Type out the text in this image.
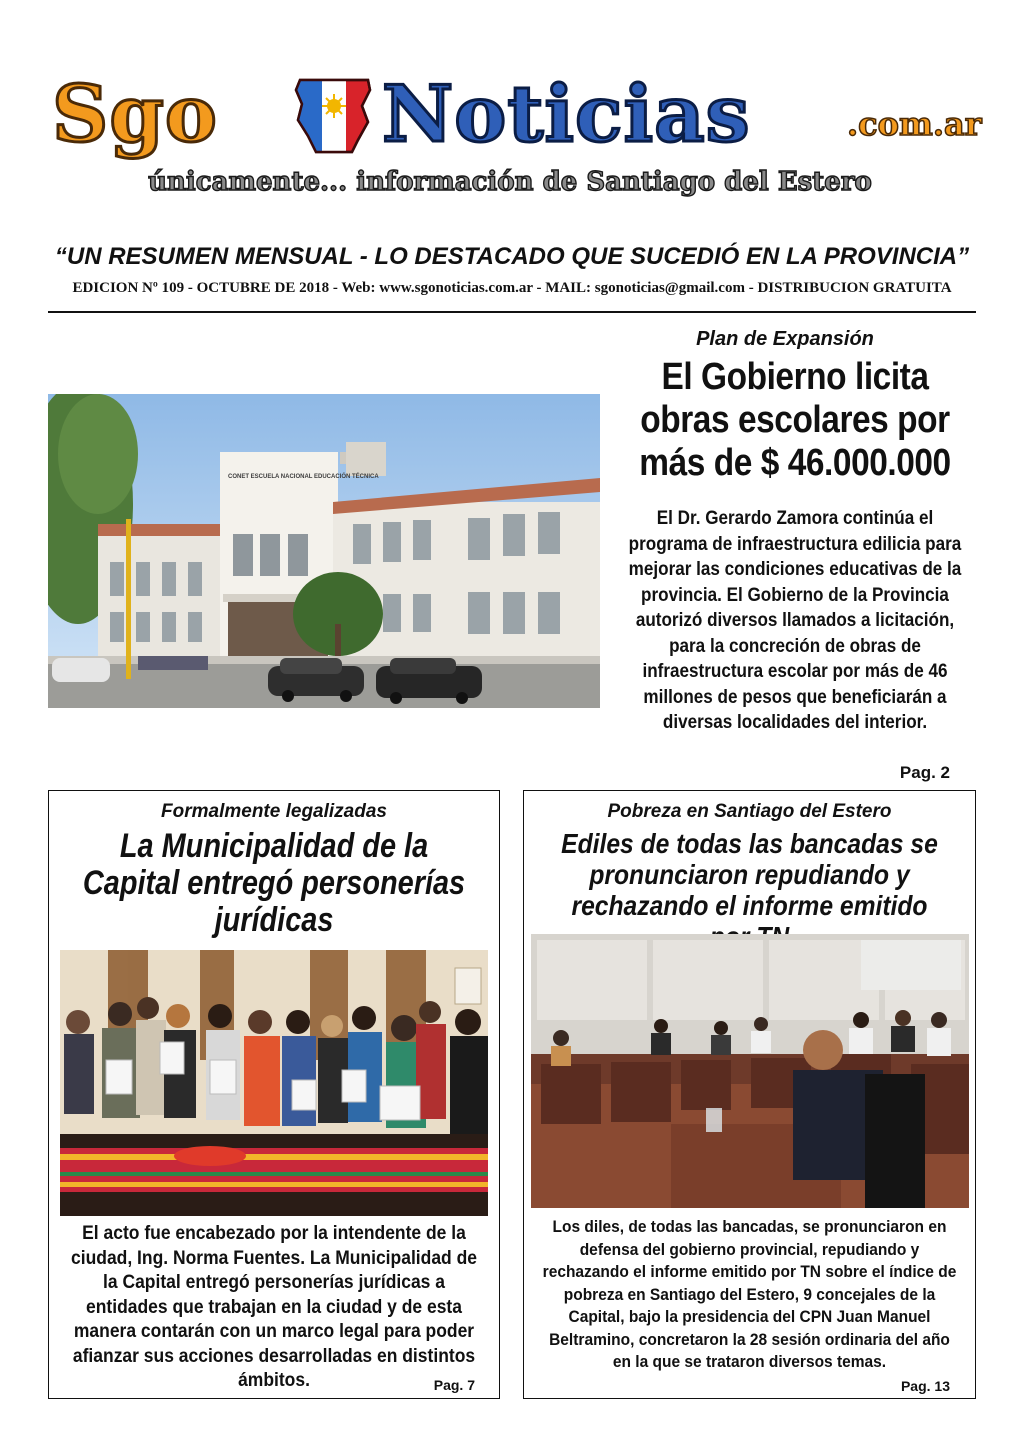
Sgo Noticias	.com.ar
únicamente... información de Santiago del Estero
“UN RESUMEN MENSUAL - LO DESTACADO QUE SUCEDIÓ EN LA PROVINCIA”
EDICION Nº 109 - OCTUBRE DE 2018 - Web: www.sgonoticias.com.ar - MAIL: sgonoticias@gmail.com - DISTRIBUCION GRATUITA
Plan de Expansión
El Gobierno licita obras escolares por más de $ 46.000.000
CONET ESCUELA NACIONAL EDUCACIÓN TÉCNICA
El Dr. Gerardo Zamora continúa el programa de infraestructura edilicia para mejorar las condiciones educativas de la provincia. El Gobierno de la Provincia autorizó diversos llamados a licitación, para la concreción de obras de infraestructura escolar por más de 46 millones de pesos que beneficiarán a diversas localidades del interior.
Pag. 2
Formalmente legalizadas
La Municipalidad de la Capital entregó personerías jurídicas
El acto fue encabezado por la intendente de la ciudad, Ing. Norma Fuentes. La Municipalidad de la Capital entregó personerías jurídicas a entidades que trabajan en la ciudad y de esta manera contarán con un marco legal para poder afianzar sus acciones desarrolladas en distintos ámbitos.	Pag. 7
Pobreza en Santiago del Estero
Ediles de todas las bancadas se pronunciaron repudiando y rechazando el informe emitido
Los diles, de todas las bancadas, se pronunciaron en defensa del gobierno provincial, repudiando y rechazando el informe emitido por TN sobre el índice de pobreza en Santiago del Estero, 9 concejales de la Capital, bajo la presidencia del CPN Juan Manuel Beltramino, concretaron la 28 sesión ordinaria del año en la que se trataron diversos temas.
Pag. 13
